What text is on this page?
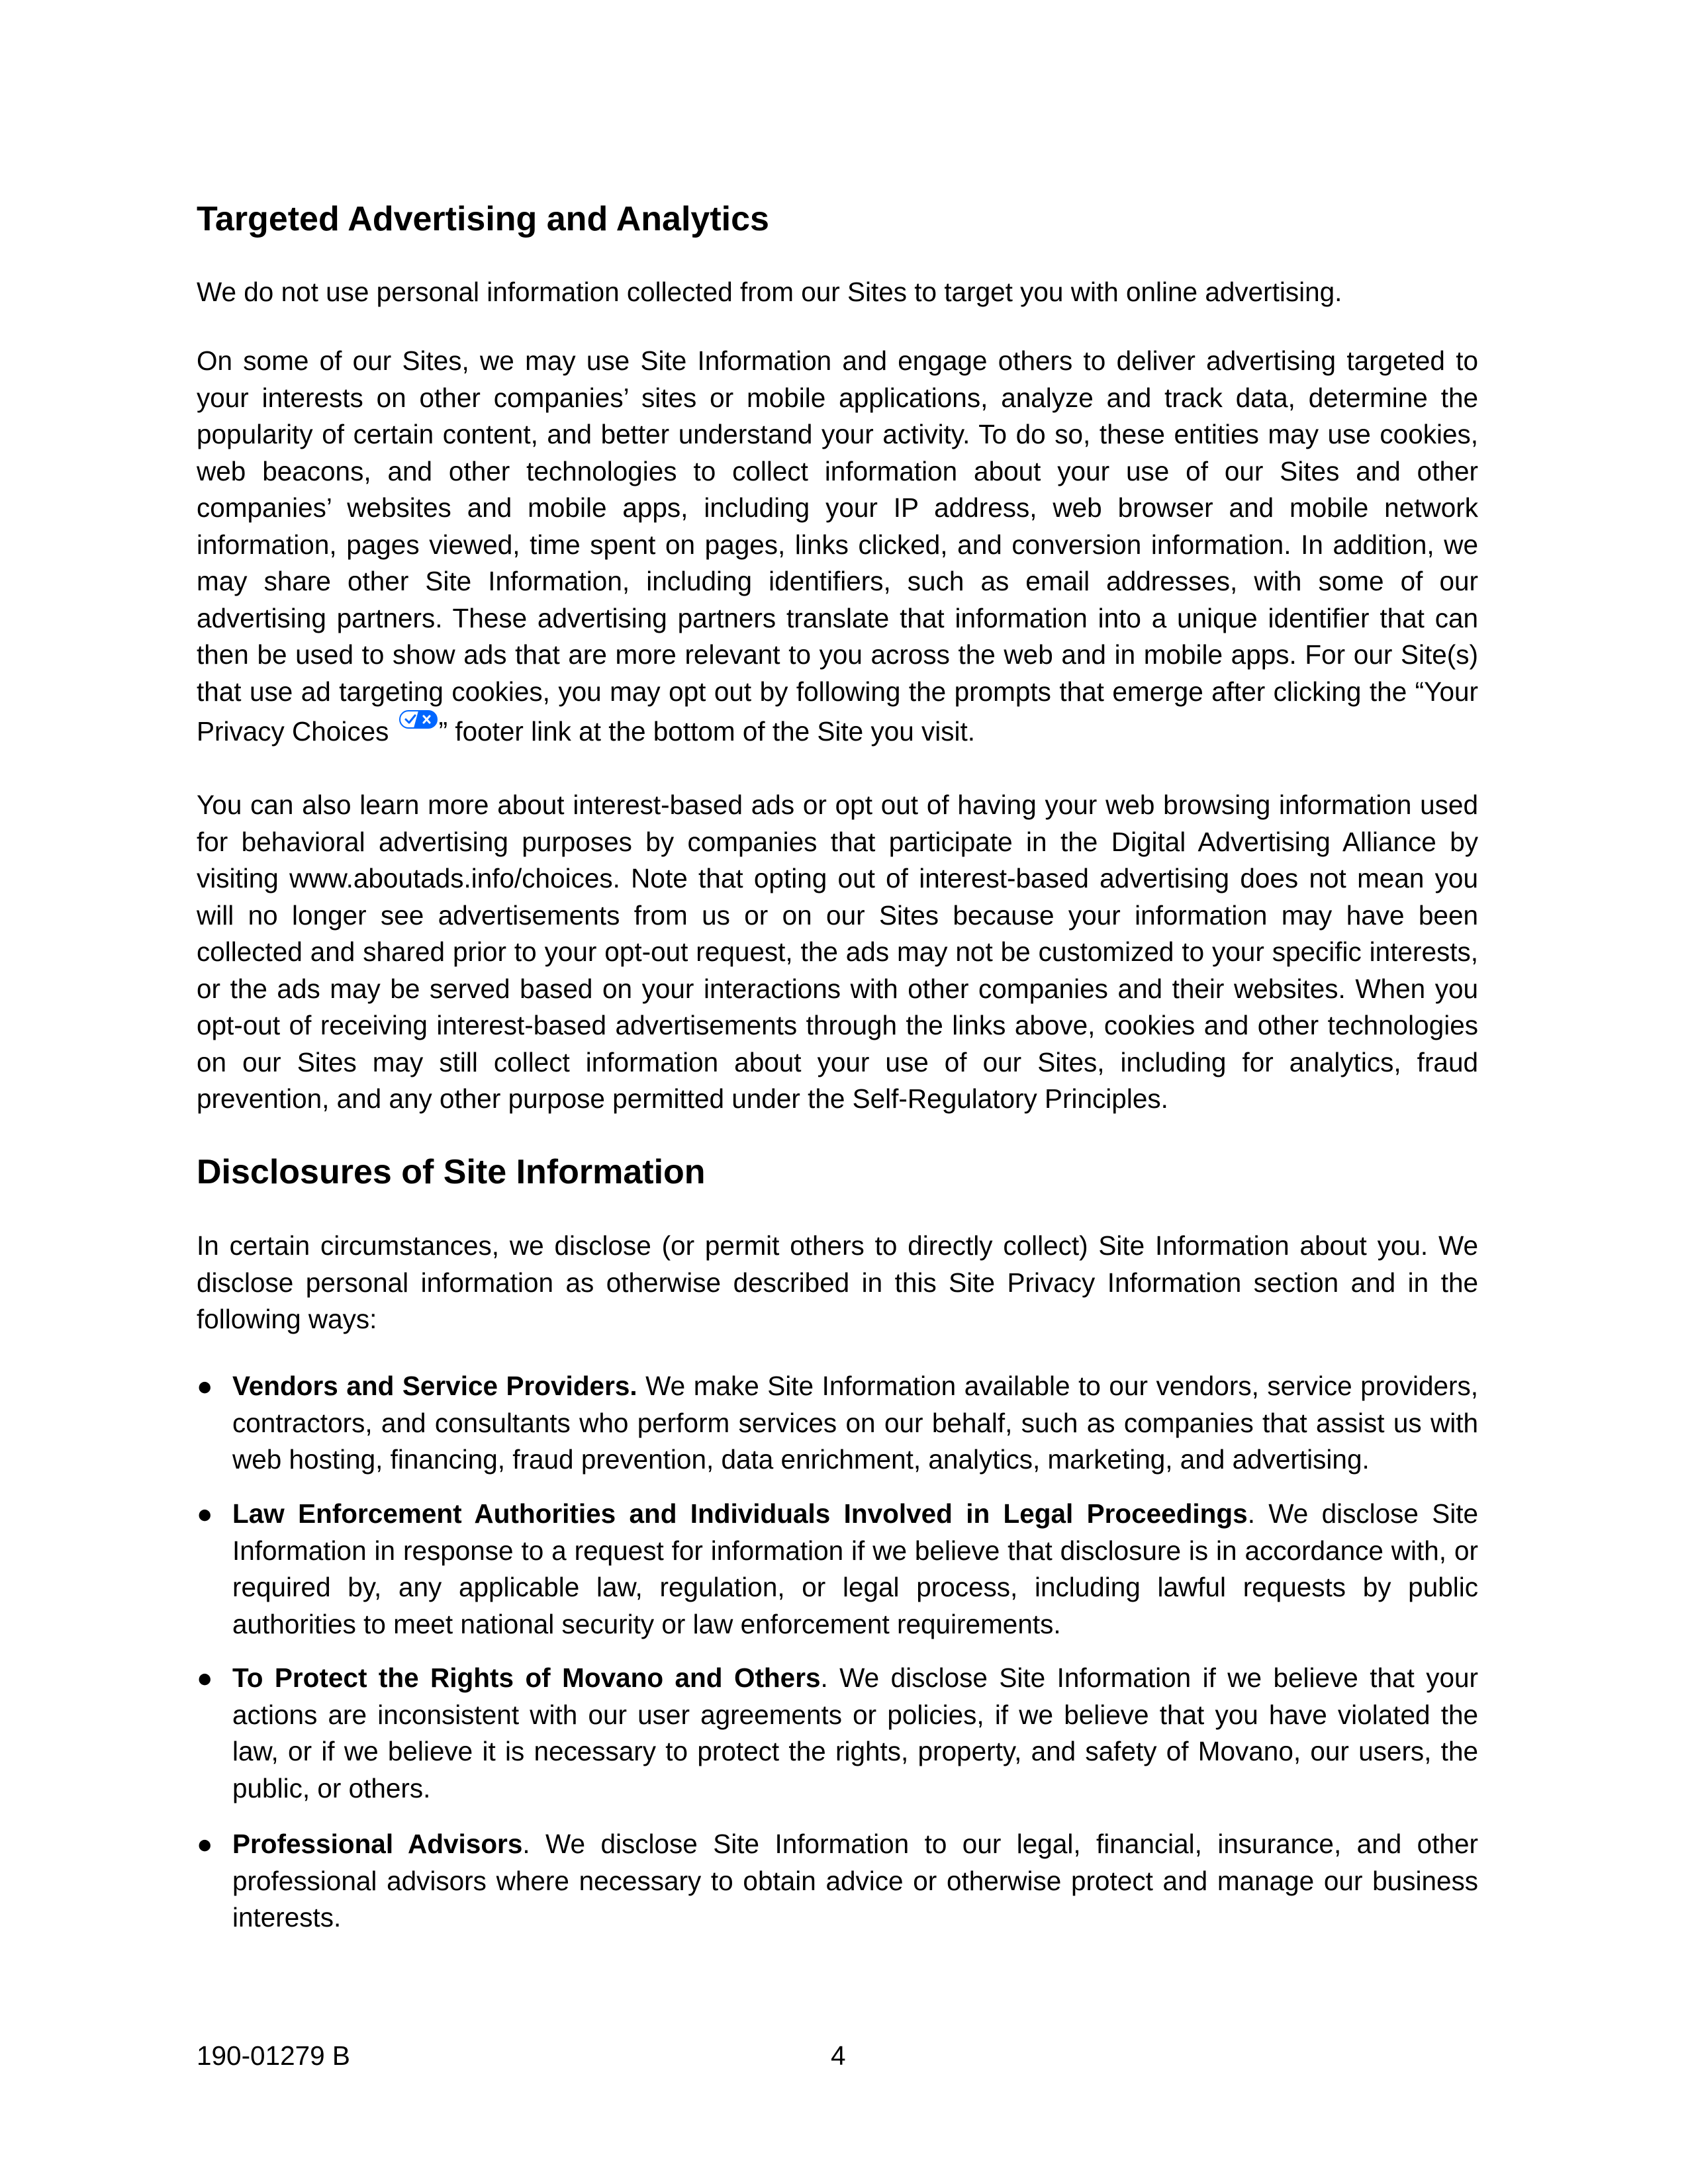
Targeted Advertising and Analytics

We do not use personal information collected from our Sites to target you with online advertising.

On some of our Sites, we may use Site Information and engage others to deliver advertising targeted to your interests on other companies’ sites or mobile applications, analyze and track data, determine the popularity of certain content, and better understand your activity. To do so, these entities may use cookies, web beacons, and other technologies to collect information about your use of our Sites and other companies’ websites and mobile apps, including your IP address, web browser and mobile network information, pages viewed, time spent on pages, links clicked, and conversion information. In addition, we may share other Site Information, including identifiers, such as email addresses, with some of our advertising partners. These advertising partners translate that information into a unique identifier that can then be used to show ads that are more relevant to you across the web and in mobile apps. For our Site(s) that use ad targeting cookies, you may opt out by following the prompts that emerge after clicking the “Your Privacy Choices ” footer link at the bottom of the Site you visit.

You can also learn more about interest-based ads or opt out of having your web browsing information used for behavioral advertising purposes by companies that participate in the Digital Advertising Alliance by visiting www.aboutads.info/choices. Note that opting out of interest-based advertising does not mean you will no longer see advertisements from us or on our Sites because your information may have been collected and shared prior to your opt-out request, the ads may not be customized to your specific interests, or the ads may be served based on your interactions with other companies and their websites. When you opt-out of receiving interest-based advertisements through the links above, cookies and other technologies on our Sites may still collect information about your use of our Sites, including for analytics, fraud prevention, and any other purpose permitted under the Self-Regulatory Principles.

Disclosures of Site Information

In certain circumstances, we disclose (or permit others to directly collect) Site Information about you. We disclose personal information as otherwise described in this Site Privacy Information section and in the following ways:

● Vendors and Service Providers. We make Site Information available to our vendors, service providers, contractors, and consultants who perform services on our behalf, such as companies that assist us with web hosting, financing, fraud prevention, data enrichment, analytics, marketing, and advertising.
● Law Enforcement Authorities and Individuals Involved in Legal Proceedings. We disclose Site Information in response to a request for information if we believe that disclosure is in accordance with, or required by, any applicable law, regulation, or legal process, including lawful requests by public authorities to meet national security or law enforcement requirements.
● To Protect the Rights of Movano and Others. We disclose Site Information if we believe that your actions are inconsistent with our user agreements or policies, if we believe that you have violated the law, or if we believe it is necessary to protect the rights, property, and safety of Movano, our users, the public, or others.
● Professional Advisors. We disclose Site Information to our legal, financial, insurance, and other professional advisors where necessary to obtain advice or otherwise protect and manage our business interests.
190-01279 B	4
